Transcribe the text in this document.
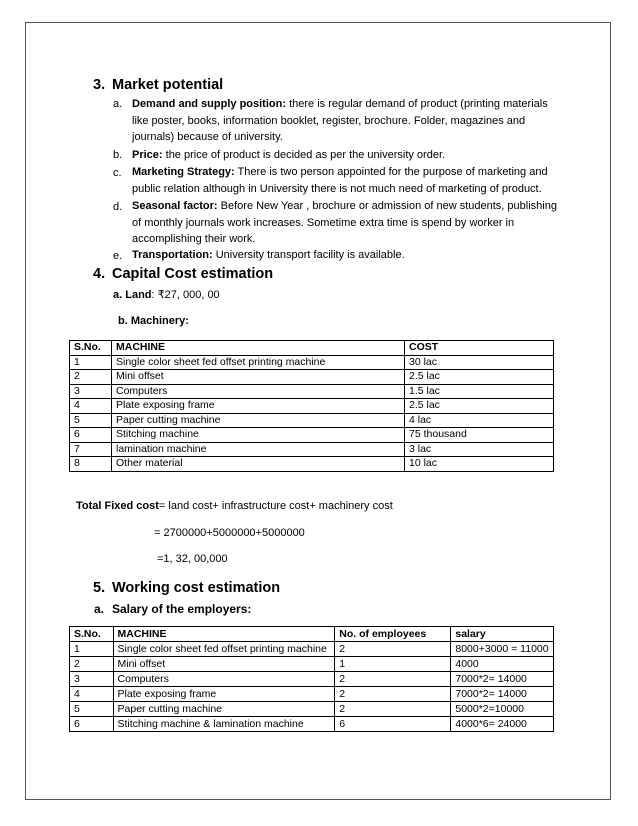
3. Market potential
a. Demand and supply position: there is regular demand of product (printing materials like poster, books, information booklet, register, brochure. Folder, magazines and journals) because of university.
b. Price: the price of product is decided as per the university order.
c. Marketing Strategy: There is two person appointed for the purpose of marketing and public relation although in University there is not much need of marketing of product.
d. Seasonal factor: Before New Year , brochure or admission of new students, publishing of monthly journals work increases. Sometime extra time is spend by worker in accomplishing their work.
e. Transportation: University transport facility is available.
4. Capital Cost estimation
a. Land: ₹27, 000, 00
b. Machinery:
S.No.	MACHINE	COST
1	Single color sheet fed offset printing machine	30 lac
2	Mini offset	2.5 lac
3	Computers	1.5 lac
4	Plate exposing frame	2.5 lac
5	Paper cutting machine	4 lac
6	Stitching machine	75 thousand
7	lamination machine	3 lac
8	Other material	10 lac
Total Fixed cost= land cost+ infrastructure cost+ machinery cost
= 2700000+5000000+5000000
=1, 32, 00,000
5. Working cost estimation
a. Salary of the employers:
S.No.	MACHINE	No. of employees	salary
1	Single color sheet fed offset printing machine	2	8000+3000 = 11000
2	Mini offset	1	4000
3	Computers	2	7000*2= 14000
4	Plate exposing frame	2	7000*2= 14000
5	Paper cutting machine	2	5000*2=10000
6	Stitching machine & lamination machine	6	4000*6= 24000
